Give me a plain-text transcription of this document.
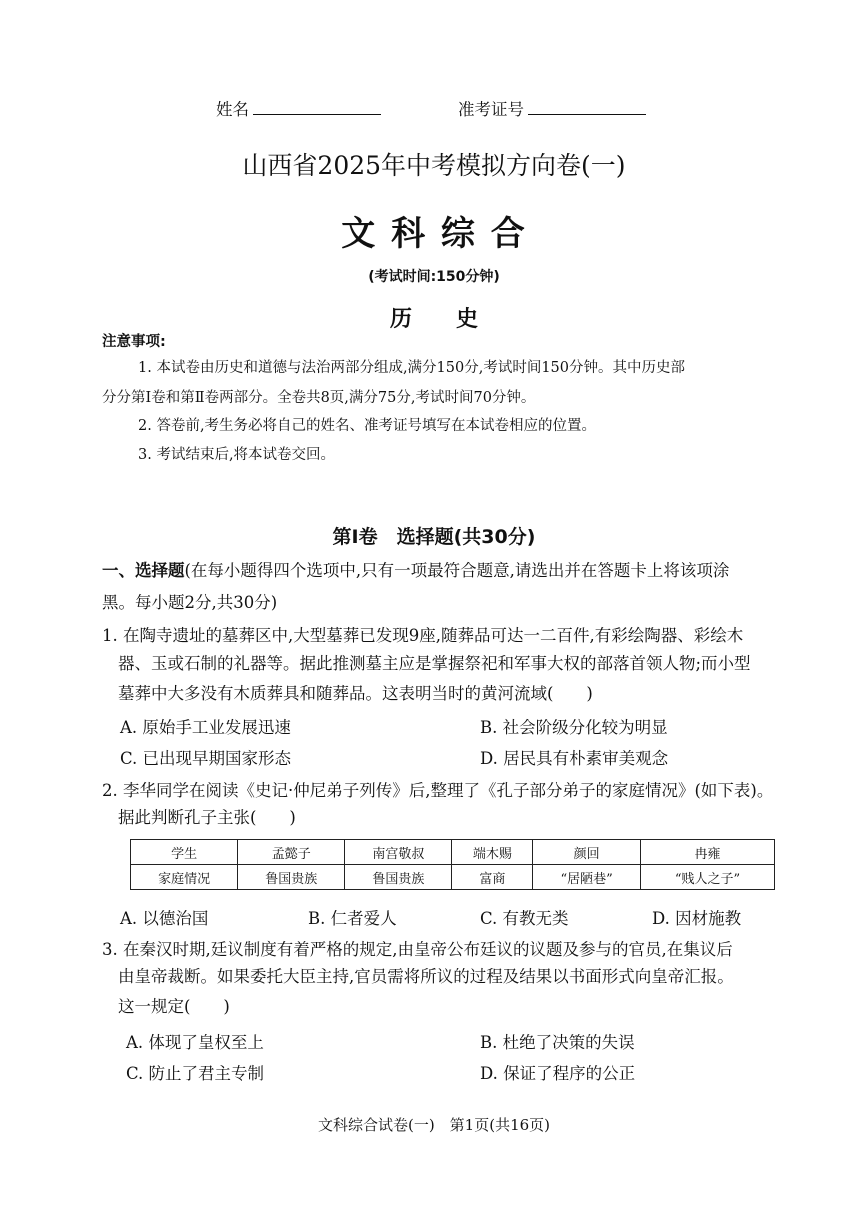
姓名	准考证号
山西省2025年中考模拟方向卷(一)
文 科 综 合
(考试时间:150分钟)
历　　史
注意事项:
1. 本试卷由历史和道德与法治两部分组成,满分150分,考试时间150分钟。其中历史部
分分第Ⅰ卷和第Ⅱ卷两部分。全卷共8页,满分75分,考试时间70分钟。
2. 答卷前,考生务必将自己的姓名、准考证号填写在本试卷相应的位置。
3. 考试结束后,将本试卷交回。
第Ⅰ卷　选择题(共30分)
一、选择题(在每小题得四个选项中,只有一项最符合题意,请选出并在答题卡上将该项涂
黑。每小题2分,共30分)
1. 在陶寺遗址的墓葬区中,大型墓葬已发现9座,随葬品可达一二百件,有彩绘陶器、彩绘木
器、玉或石制的礼器等。据此推测墓主应是掌握祭祀和军事大权的部落首领人物;而小型
墓葬中大多没有木质葬具和随葬品。这表明当时的黄河流域(　　)
A. 原始手工业发展迅速	B. 社会阶级分化较为明显
C. 已出现早期国家形态	D. 居民具有朴素审美观念
2. 李华同学在阅读《史记·仲尼弟子列传》后,整理了《孔子部分弟子的家庭情况》(如下表)。
据此判断孔子主张(　　)
学生	孟懿子	南宫敬叔	端木赐	颜回	冉雍
家庭情况	鲁国贵族	鲁国贵族	富商	“居陋巷”	“贱人之子”
A. 以德治国	B. 仁者爱人	C. 有教无类	D. 因材施教
3. 在秦汉时期,廷议制度有着严格的规定,由皇帝公布廷议的议题及参与的官员,在集议后
由皇帝裁断。如果委托大臣主持,官员需将所议的过程及结果以书面形式向皇帝汇报。
这一规定(　　)
A. 体现了皇权至上	B. 杜绝了决策的失误
C. 防止了君主专制	D. 保证了程序的公正
文科综合试卷(一)　第1页(共16页)
